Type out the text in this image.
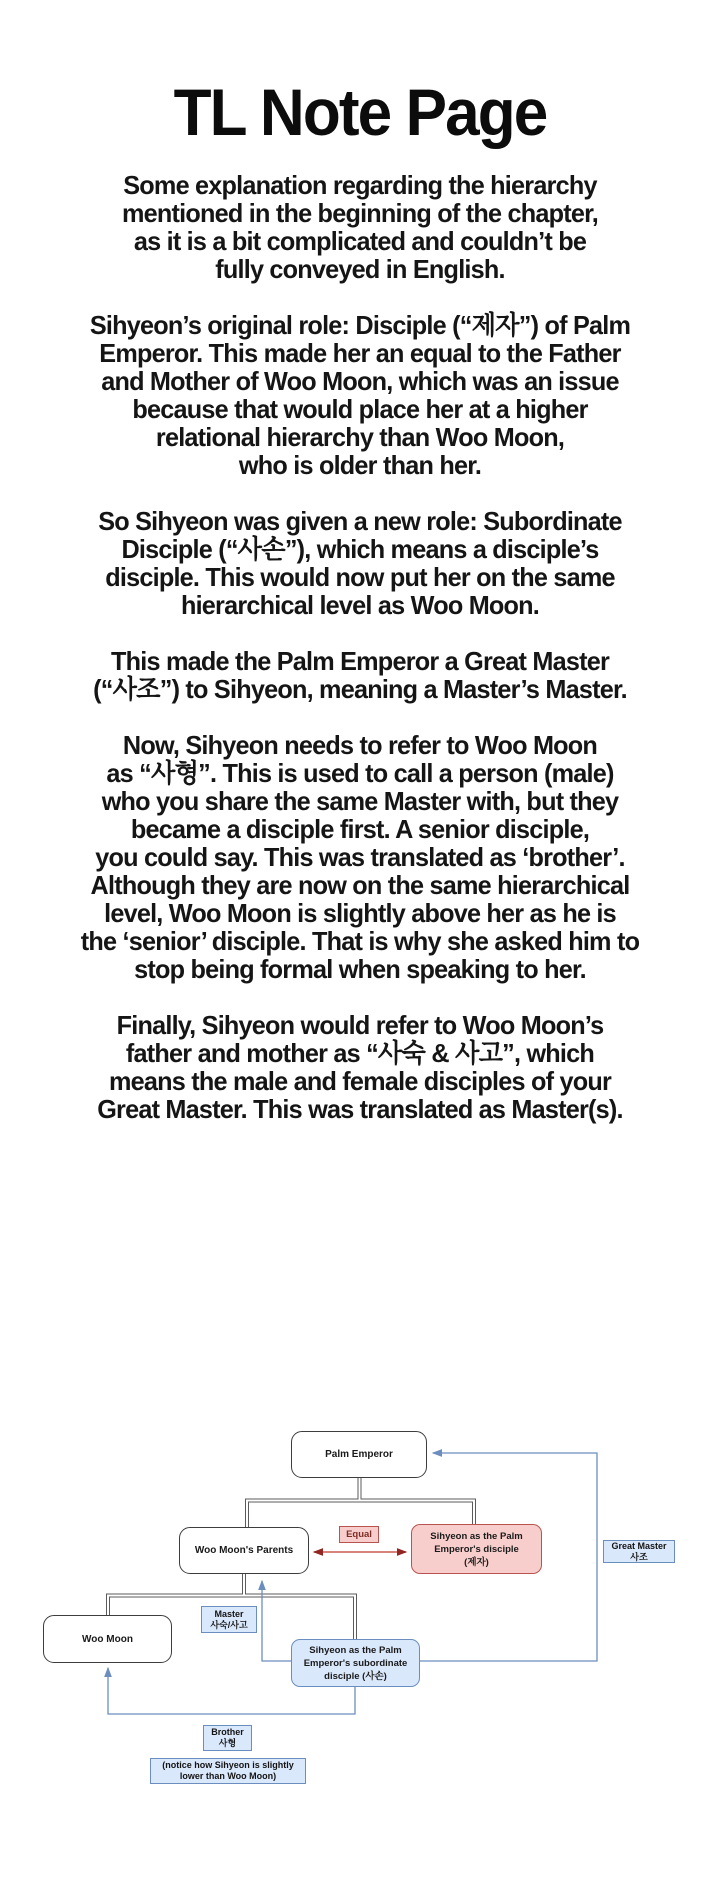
TL Note Page
Some explanation regarding the hierarchy
mentioned in the beginning of the chapter,
as it is a bit complicated and couldn’t be
fully conveyed in English.
Sihyeon’s original role: Disciple (“제자”) of Palm
Emperor. This made her an equal to the Father
and Mother of Woo Moon, which was an issue
because that would place her at a higher
relational hierarchy than Woo Moon,
who is older than her.
So Sihyeon was given a new role: Subordinate
Disciple (“사손”), which means a disciple’s
disciple. This would now put her on the same
hierarchical level as Woo Moon.
This made the Palm Emperor a Great Master
(“사조”) to Sihyeon, meaning a Master’s Master.
Now, Sihyeon needs to refer to Woo Moon
as “사형”. This is used to call a person (male)
who you share the same Master with, but they
became a disciple first. A senior disciple,
you could say. This was translated as ‘brother’.
Although they are now on the same hierarchical
level, Woo Moon is slightly above her as he is
the ‘senior’ disciple. That is why she asked him to
stop being formal when speaking to her.
Finally, Sihyeon would refer to Woo Moon’s
father and mother as “사숙 & 사고”, which
means the male and female disciples of your
Great Master. This was translated as Master(s).
Palm Emperor
Woo Moon's Parents
Equal	Sihyeon as the Palm
Emperor's disciple
(제자)
Great Master
사조
Master
사숙/사고
Woo Moon
Sihyeon as the Palm
Emperor's subordinate
disciple (사손)
Brother
사형
(notice how Sihyeon is slightly
lower than Woo Moon)
